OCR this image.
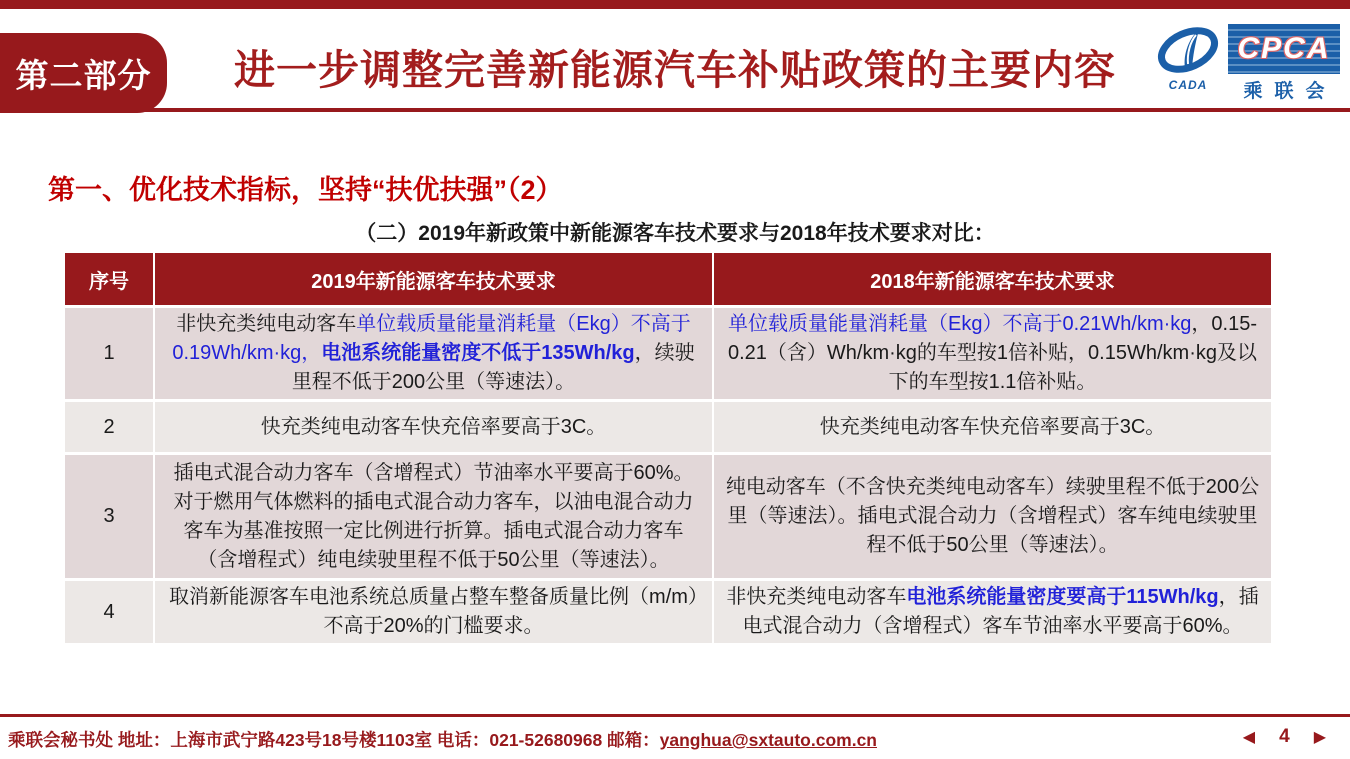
第二部分	进一步调整完善新能源汽车补贴政策的主要内容	CADA
CPCA
乘联会
第一、优化技术指标，坚持“扶优扶强”（2）
（二）2019年新政策中新能源客车技术要求与2018年技术要求对比：
序号	2019年新能源客车技术要求	2018年新能源客车技术要求
1	非快充类纯电动客车单位载质量能量消耗量（Ekg）不高于0.19Wh/km·kg，电池系统能量密度不低于135Wh/kg，续驶里程不低于200公里（等速法）。	单位载质量能量消耗量（Ekg）不高于0.21Wh/km·kg，0.15-0.21（含）Wh/km·kg的车型按1倍补贴，0.15Wh/km·kg及以下的车型按1.1倍补贴。
2	快充类纯电动客车快充倍率要高于3C。	快充类纯电动客车快充倍率要高于3C。
3	插电式混合动力客车（含增程式）节油率水平要高于60%。对于燃用气体燃料的插电式混合动力客车，以油电混合动力客车为基准按照一定比例进行折算。插电式混合动力客车（含增程式）纯电续驶里程不低于50公里（等速法）。	纯电动客车（不含快充类纯电动客车）续驶里程不低于200公里（等速法）。插电式混合动力（含增程式）客车纯电续驶里程不低于50公里（等速法）。
4	取消新能源客车电池系统总质量占整车整备质量比例（m/m）不高于20%的门槛要求。	非快充类纯电动客车电池系统能量密度要高于115Wh/kg，插电式混合动力（含增程式）客车节油率水平要高于60%。
乘联会秘书处 地址：上海市武宁路423号18号楼1103室 电话：021-52680968 邮箱：yanghua@sxtauto.com.cn	◀ 4 ▶
